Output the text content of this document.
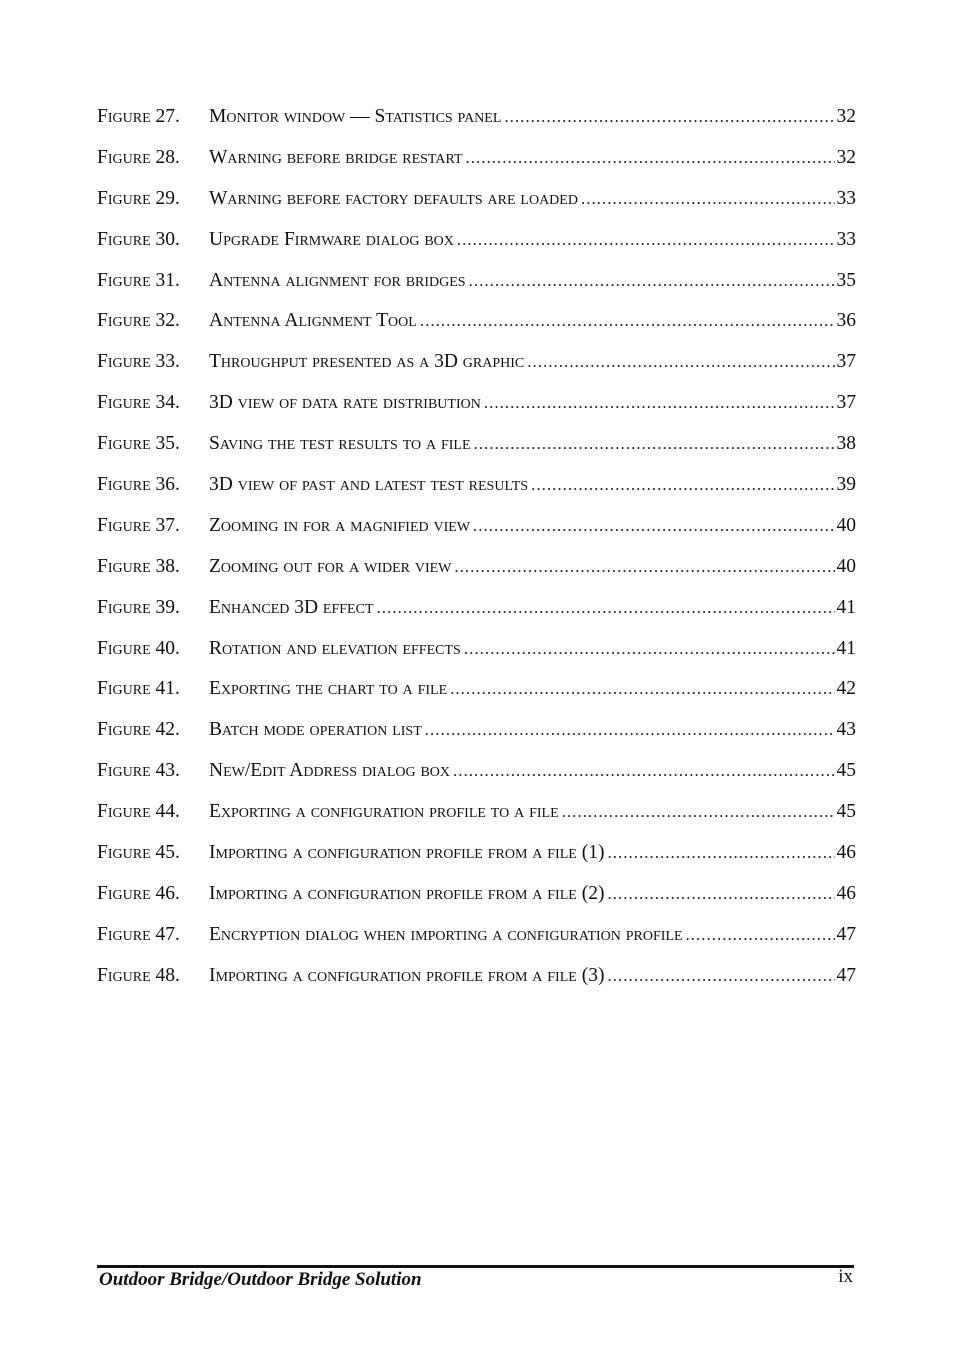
Figure 27.	Monitor window — Statistics panel .....	32
Figure 28.	Warning before bridge restart .....	32
Figure 29.	Warning before factory defaults are loaded .....	33
Figure 30.	Upgrade Firmware dialog box .....	33
Figure 31.	Antenna alignment for bridges .....	35
Figure 32.	Antenna Alignment Tool .....	36
Figure 33.	Throughput presented as a 3D graphic .....	37
Figure 34.	3D view of data rate distribution .....	37
Figure 35.	Saving the test results to a file .....	38
Figure 36.	3D view of past and latest test results .....	39
Figure 37.	Zooming in for a magnified view .....	40
Figure 38.	Zooming out for a wider view .....	40
Figure 39.	Enhanced 3D effect .....	41
Figure 40.	Rotation and elevation effects .....	41
Figure 41.	Exporting the chart to a file .....	42
Figure 42.	Batch mode operation list .....	43
Figure 43.	New/Edit Address dialog box .....	45
Figure 44.	Exporting a configuration profile to a file .....	45
Figure 45.	Importing a configuration profile from a file (1) .....	46
Figure 46.	Importing a configuration profile from a file (2) .....	46
Figure 47.	Encryption dialog when importing a configuration profile .....	47
Figure 48.	Importing a configuration profile from a file (3) .....	47
Outdoor Bridge/Outdoor Bridge Solution	ix
